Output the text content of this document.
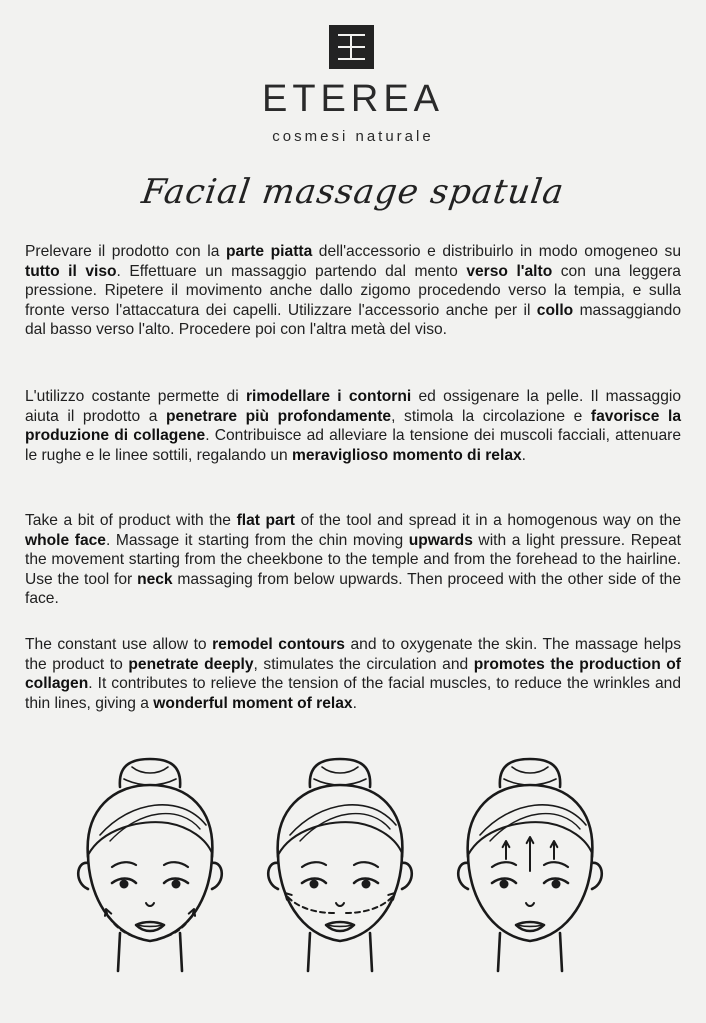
ETEREA
cosmesi naturale
Facial massage spatula
Prelevare il prodotto con la parte piatta dell'accessorio e distribuirlo in modo omogeneo su tutto il viso. Effettuare un massaggio partendo dal mento verso l'alto con una leggera pressione. Ripetere il movimento anche dallo zigomo procedendo verso la tempia, e sulla fronte verso l'attaccatura dei capelli. Utilizzare l'accessorio anche per il collo massaggiando dal basso verso l'alto. Procedere poi con l'altra metà del viso.
L'utilizzo costante permette di rimodellare i contorni ed ossigenare la pelle. Il massaggio aiuta il prodotto a penetrare più profondamente, stimola la circolazione e favorisce la produzione di collagene. Contribuisce ad alleviare la tensione dei muscoli facciali, attenuare le rughe e le linee sottili, regalando un meraviglioso momento di relax.
Take a bit of product with the flat part of the tool and spread it in a homogenous way on the whole face. Massage it starting from the chin moving upwards with a light pressure. Repeat the movement starting from the cheekbone to the temple and from the forehead to the hairline. Use the tool for neck massaging from below upwards. Then proceed with the other side of the face.
The constant use allow to remodel contours and to oxygenate the skin. The massage helps the product to penetrate deeply, stimulates the circulation and promotes the production of collagen. It contributes to relieve the tension of the facial muscles, to reduce the wrinkles and thin lines, giving a wonderful moment of relax.
